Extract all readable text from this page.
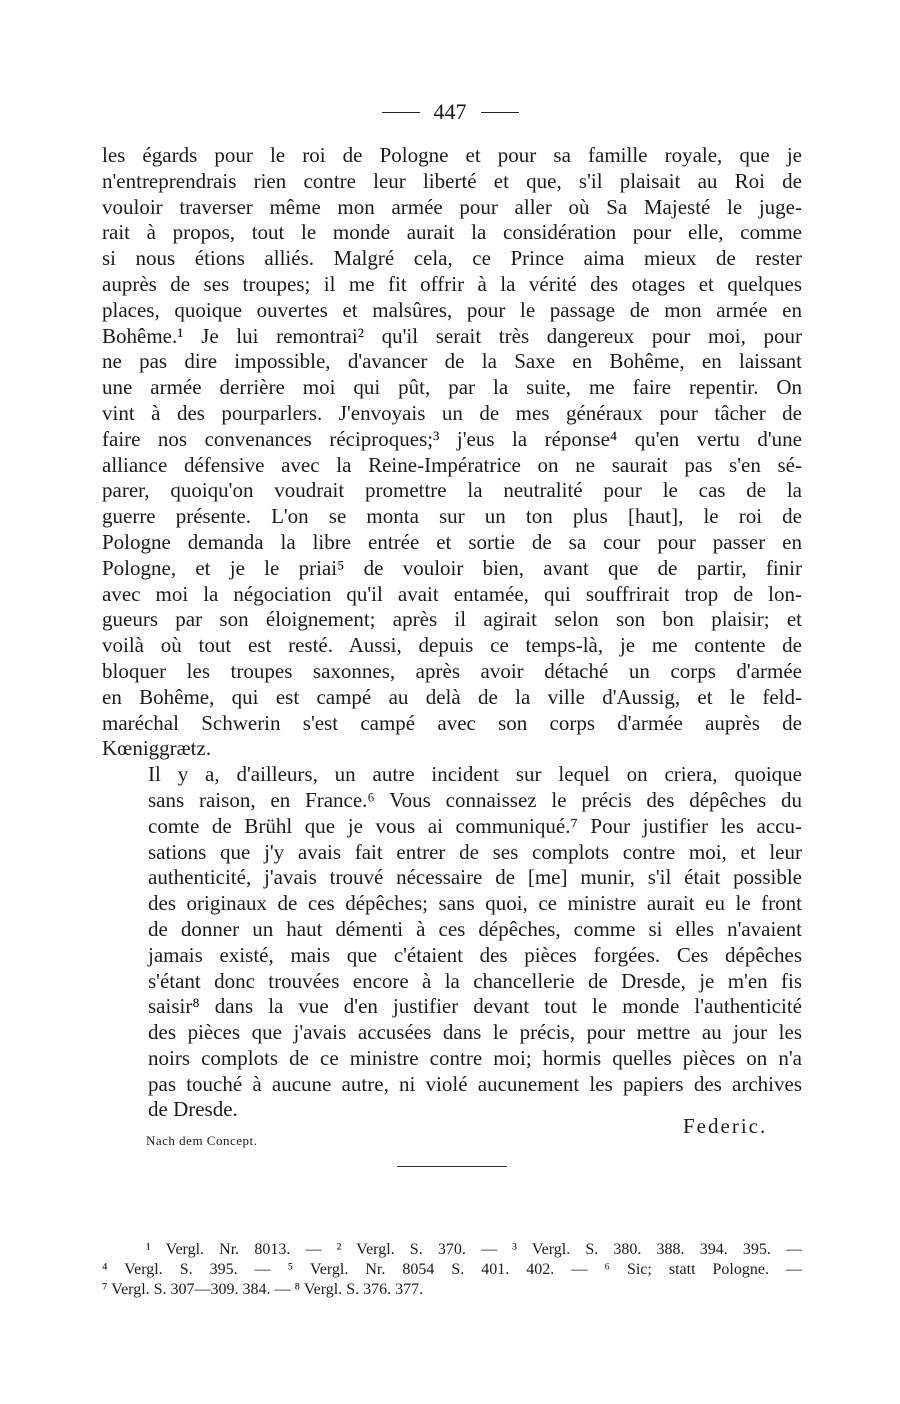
447

les égards pour le roi de Pologne et pour sa famille royale, que je
n'entreprendrais rien contre leur liberté et que, s'il plaisait au Roi de
vouloir traverser même mon armée pour aller où Sa Majesté le juge-
rait à propos, tout le monde aurait la considération pour elle, comme
si nous étions alliés. Malgré cela, ce Prince aima mieux de rester
auprès de ses troupes; il me fit offrir à la vérité des otages et quelques
places, quoique ouvertes et malsûres, pour le passage de mon armée en
Bohême.¹ Je lui remontrai² qu'il serait très dangereux pour moi, pour
ne pas dire impossible, d'avancer de la Saxe en Bohême, en laissant
une armée derrière moi qui pût, par la suite, me faire repentir. On
vint à des pourparlers. J'envoyais un de mes généraux pour tâcher de
faire nos convenances réciproques;³ j'eus la réponse⁴ qu'en vertu d'une
alliance défensive avec la Reine-Impératrice on ne saurait pas s'en sé-
parer, quoiqu'on voudrait promettre la neutralité pour le cas de la
guerre présente. L'on se monta sur un ton plus [haut], le roi de
Pologne demanda la libre entrée et sortie de sa cour pour passer en
Pologne, et je le priai⁵ de vouloir bien, avant que de partir, finir
avec moi la négociation qu'il avait entamée, qui souffrirait trop de lon-
gueurs par son éloignement; après il agirait selon son bon plaisir; et
voilà où tout est resté. Aussi, depuis ce temps-là, je me contente de
bloquer les troupes saxonnes, après avoir détaché un corps d'armée
en Bohême, qui est campé au delà de la ville d'Aussig, et le feld-
maréchal Schwerin s'est campé avec son corps d'armée auprès de
Kœniggrætz.

Il y a, d'ailleurs, un autre incident sur lequel on criera, quoique
sans raison, en France.⁶ Vous connaissez le précis des dépêches du
comte de Brühl que je vous ai communiqué.⁷ Pour justifier les accu-
sations que j'y avais fait entrer de ses complots contre moi, et leur
authenticité, j'avais trouvé nécessaire de [me] munir, s'il était possible
des originaux de ces dépêches; sans quoi, ce ministre aurait eu le front
de donner un haut démenti à ces dépêches, comme si elles n'avaient
jamais existé, mais que c'étaient des pièces forgées. Ces dépêches
s'étant donc trouvées encore à la chancellerie de Dresde, je m'en fis
saisir⁸ dans la vue d'en justifier devant tout le monde l'authenticité
des pièces que j'avais accusées dans le précis, pour mettre au jour les
noirs complots de ce ministre contre moi; hormis quelles pièces on n'a
pas touché à aucune autre, ni violé aucunement les papiers des archives
de Dresde.

Federic.
Nach dem Concept.
¹ Vergl. Nr. 8013. — ² Vergl. S. 370. — ³ Vergl. S. 380. 388. 394. 395. —
⁴ Vergl. S. 395. — ⁵ Vergl. Nr. 8054 S. 401. 402. — ⁶ Sic; statt Pologne. —
⁷ Vergl. S. 307—309. 384. — ⁸ Vergl. S. 376. 377.
